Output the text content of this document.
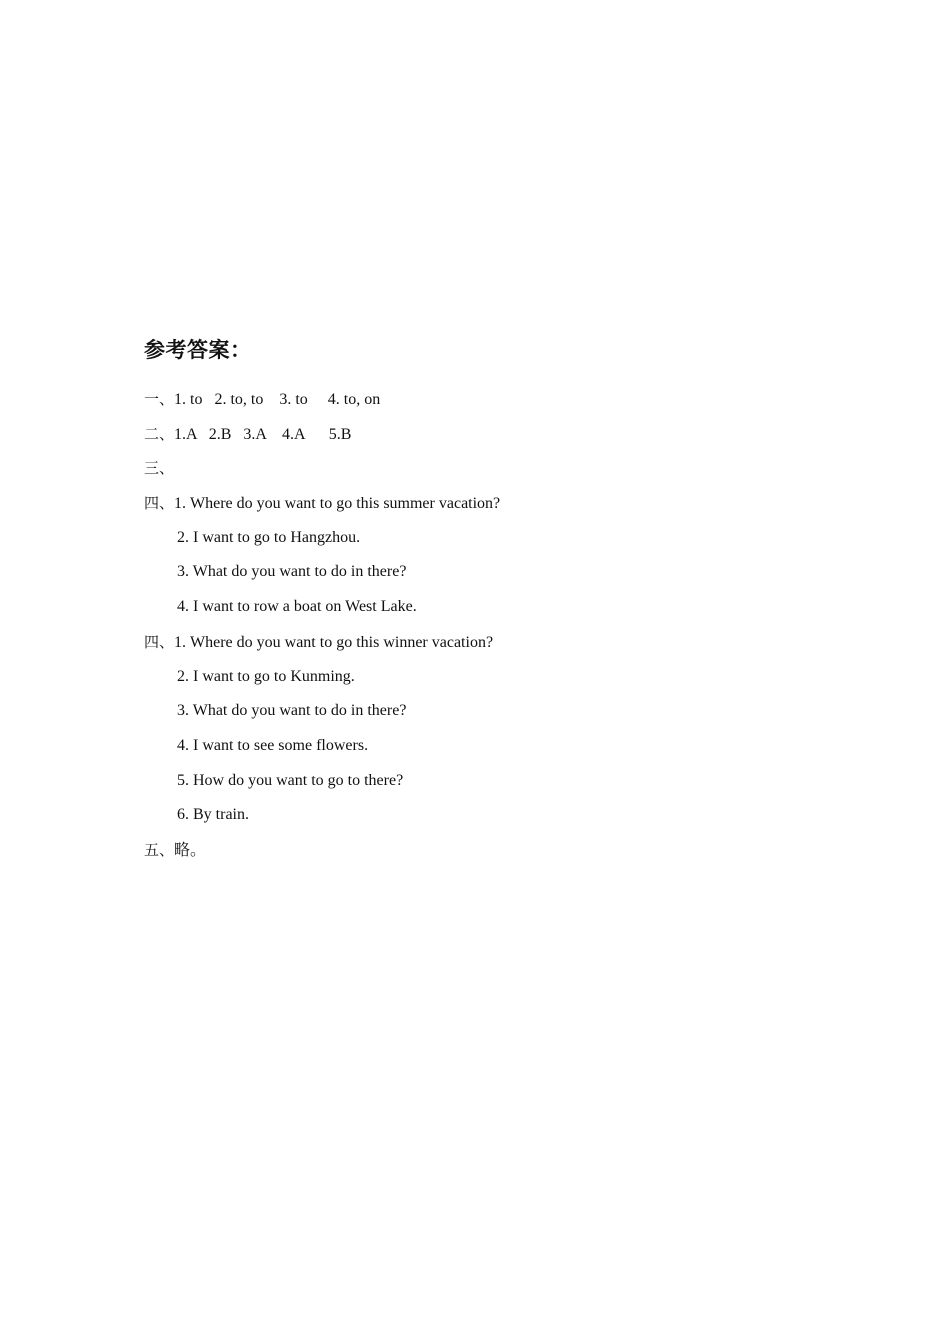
参考答案：
一、1. to   2. to, to    3. to     4. to, on
二、1.A   2.B   3.A    4.A      5.B
三、
四、1. Where do you want to go this summer vacation?
2. I want to go to Hangzhou.
3. What do you want to do in there?
4. I want to row a boat on West Lake.
四、1. Where do you want to go this winner vacation?
2. I want to go to Kunming.
3. What do you want to do in there?
4. I want to see some flowers.
5. How do you want to go to there?
6. By train.
五、略。
